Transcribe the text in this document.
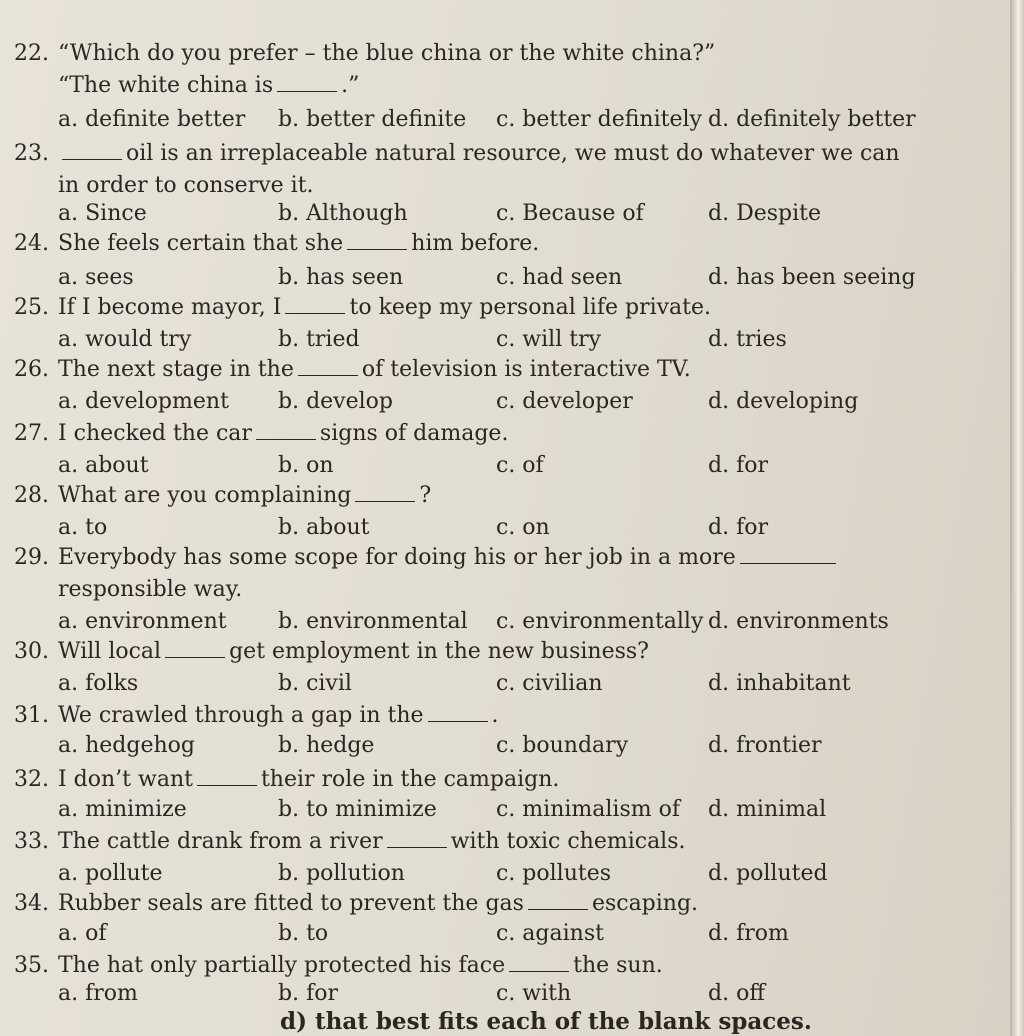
22. “Which do you prefer – the blue china or the white china?”
“The white china is	.”
a. definite better b. better definite c. better definitely d. definitely better
23.	oil is an irreplaceable natural resource, we must do whatever we can
in order to conserve it.
a. Since	b. Although	c. Because of	d. Despite
24. She feels certain that she	him before.
a. sees	b. has seen	c. had seen	d. has been seeing
25. If I become mayor, I	to keep my personal life private.
a. would try	b. tried	c. will try	d. tries
26. The next stage in the	of television is interactive TV.
a. development b. develop	c. developer	d. developing
27. I checked the car	signs of damage.
a. about	b. on	c. of	d. for
28. What are you complaining	?
a. to	b. about	c. on	d. for
29. Everybody has some scope for doing his or her job in a more
responsible way.
a. environment b. environmental c. environmentally d. environments
30. Will local	get employment in the new business?
a. folks	b. civil	c. civilian	d. inhabitant
31. We crawled through a gap in the	.
a. hedgehog	b. hedge	c. boundary	d. frontier
32. I don’t want	their role in the campaign.
a. minimize	b. to minimize	c. minimalism of d. minimal
33. The cattle drank from a river	with toxic chemicals.
a. pollute	b. pollution	c. pollutes	d. polluted
34. Rubber seals are fitted to prevent the gas	escaping.
a. of	b. to	c. against	d. from
35. The hat only partially protected his face	the sun.
a. from	b. for	c. with	d. off
d) that best fits each of the blank spaces.
